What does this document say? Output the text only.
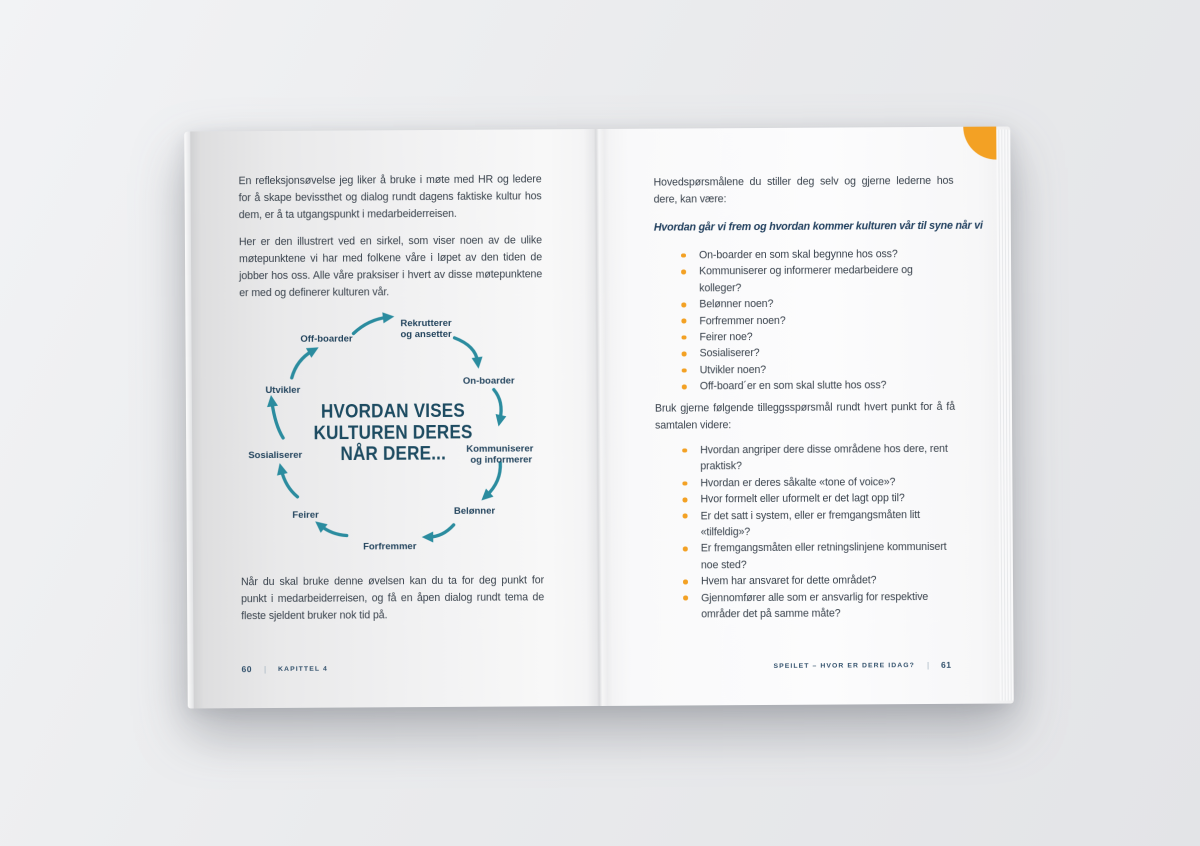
En refleksjonsøvelse jeg liker å bruke i møte med HR og ledere for å skape bevissthet og dialog rundt dagens faktiske kultur hos dem, er å ta utgangspunkt i medarbeiderreisen.

Her er den illustrert ved en sirkel, som viser noen av de ulike møtepunktene vi har med folkene våre i løpet av den tiden de jobber hos oss. Alle våre praksiser i hvert av disse møtepunktene er med og definerer kulturen vår.

Rekrutterer og ansetter
Off-boarder
On-boarder
Utvikler
Kommuniserer og informerer
Sosialiserer
Belønner
Feirer
Forfremmer
HVORDAN VISES
KULTUREN DERES
NÅR DERE...

Når du skal bruke denne øvelsen kan du ta for deg punkt for punkt i medarbeiderreisen, og få en åpen dialog rundt tema de fleste sjeldent bruker nok tid på.

60 | KAPITTEL 4

Hovedspørsmålene du stiller deg selv og gjerne lederne hos dere, kan være:

Hvordan går vi frem og hvordan kommer kulturen vår til syne når vi

On-boarder en som skal begynne hos oss?
Kommuniserer og informerer medarbeidere og kolleger?
Belønner noen?
Forfremmer noen?
Feirer noe?
Sosialiserer?
Utvikler noen?
Off-board´er en som skal slutte hos oss?

Bruk gjerne følgende tilleggsspørsmål rundt hvert punkt for å få samtalen videre:

Hvordan angriper dere disse områdene hos dere, rent praktisk?
Hvordan er deres såkalte «tone of voice»?
Hvor formelt eller uformelt er det lagt opp til?
Er det satt i system, eller er fremgangsmåten litt «tilfeldig»?
Er fremgangsmåten eller retningslinjene kommunisert noe sted?
Hvem har ansvaret for dette området?
Gjennomfører alle som er ansvarlig for respektive områder det på samme måte?
SPEILET – HVOR ER DERE IDAG? | 61
